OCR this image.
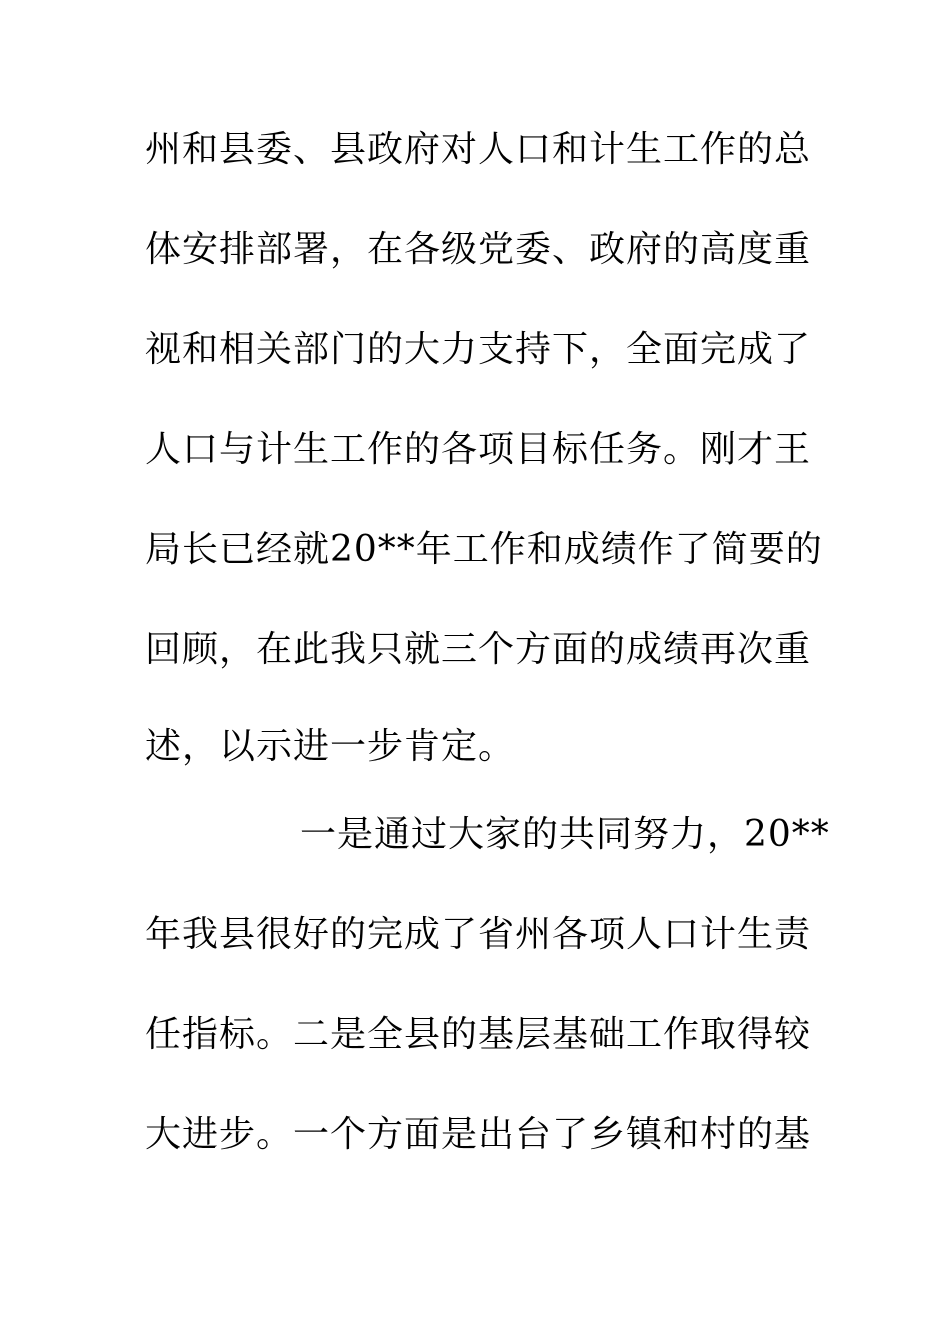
州和县委、县政府对人口和计生工作的总
体安排部署，在各级党委、政府的高度重
视和相关部门的大力支持下，全面完成了
人口与计生工作的各项目标任务。刚才王
局长已经就20**年工作和成绩作了简要的
回顾，在此我只就三个方面的成绩再次重
述，以示进一步肯定。
一是通过大家的共同努力，20**
年我县很好的完成了省州各项人口计生责
任指标。二是全县的基层基础工作取得较
大进步。一个方面是出台了乡镇和村的基
